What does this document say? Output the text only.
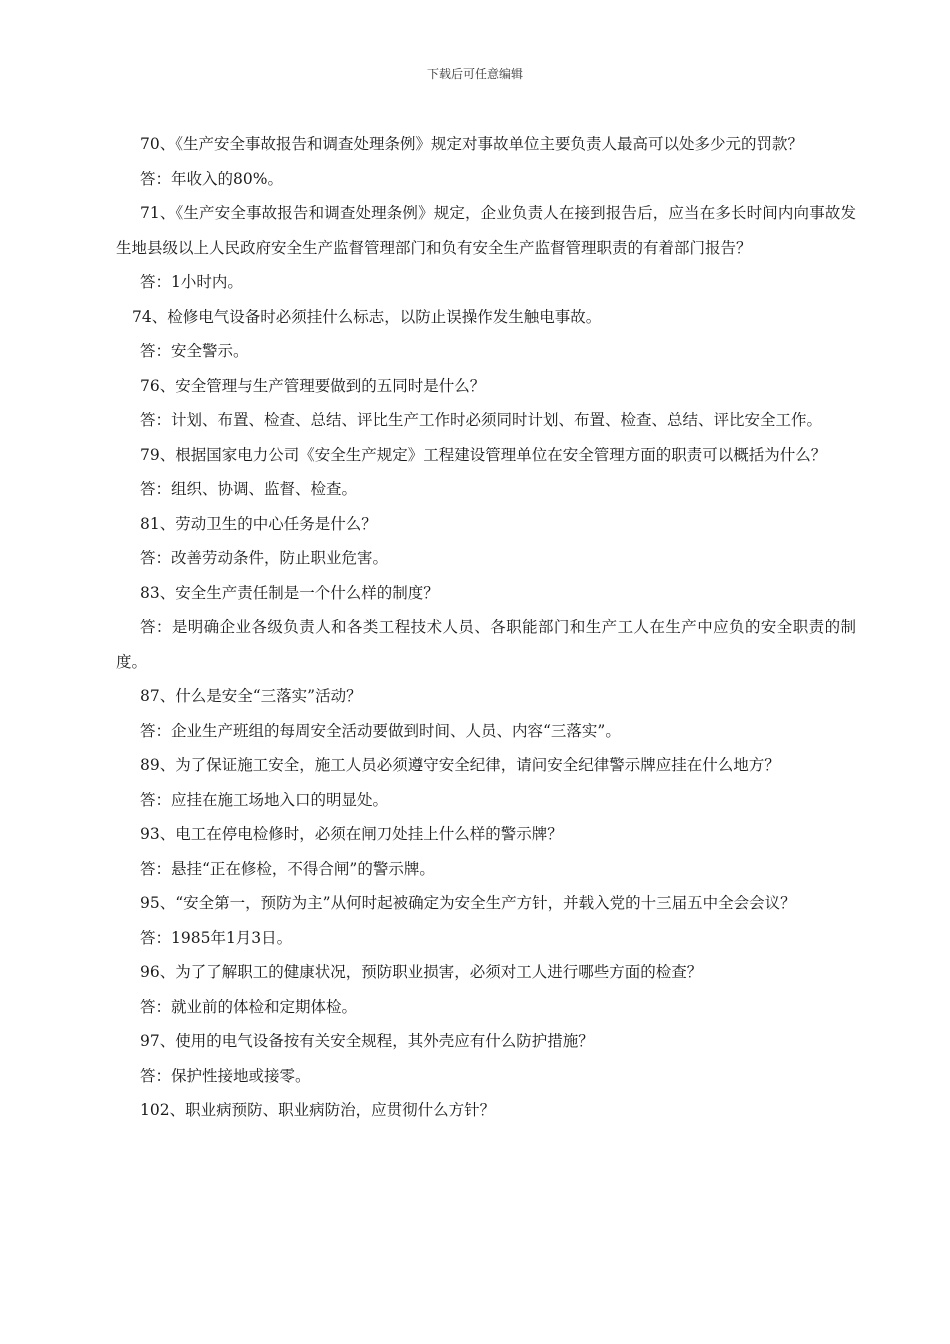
下载后可任意编辑
70、《生产安全事故报告和调查处理条例》规定对事故单位主要负责人最高可以处多少元的罚款？
答：年收入的80%。
71、《生产安全事故报告和调查处理条例》规定，企业负责人在接到报告后，应当在多长时间内向事故发生地县级以上人民政府安全生产监督管理部门和负有安全生产监督管理职责的有着部门报告？
答：1小时内。
74、检修电气设备时必须挂什么标志，以防止误操作发生触电事故。
答：安全警示。
76、安全管理与生产管理要做到的五同时是什么？
答：计划、布置、检查、总结、评比生产工作时必须同时计划、布置、检查、总结、评比安全工作。
79、根据国家电力公司《安全生产规定》工程建设管理单位在安全管理方面的职责可以概括为什么？
答：组织、协调、监督、检查。
81、劳动卫生的中心任务是什么？
答：改善劳动条件，防止职业危害。
83、安全生产责任制是一个什么样的制度？
答：是明确企业各级负责人和各类工程技术人员、各职能部门和生产工人在生产中应负的安全职责的制度。
87、什么是安全“三落实”活动？
答：企业生产班组的每周安全活动要做到时间、人员、内容“三落实”。
89、为了保证施工安全，施工人员必须遵守安全纪律，请问安全纪律警示牌应挂在什么地方？
答：应挂在施工场地入口的明显处。
93、电工在停电检修时，必须在闸刀处挂上什么样的警示牌？
答：悬挂“正在修检，不得合闸”的警示牌。
95、“安全第一，预防为主”从何时起被确定为安全生产方针，并载入党的十三届五中全会会议？
答：1985年1月3日。
96、为了了解职工的健康状况，预防职业损害，必须对工人进行哪些方面的检查？
答：就业前的体检和定期体检。
97、使用的电气设备按有关安全规程，其外壳应有什么防护措施？
答：保护性接地或接零。
102、职业病预防、职业病防治，应贯彻什么方针？
